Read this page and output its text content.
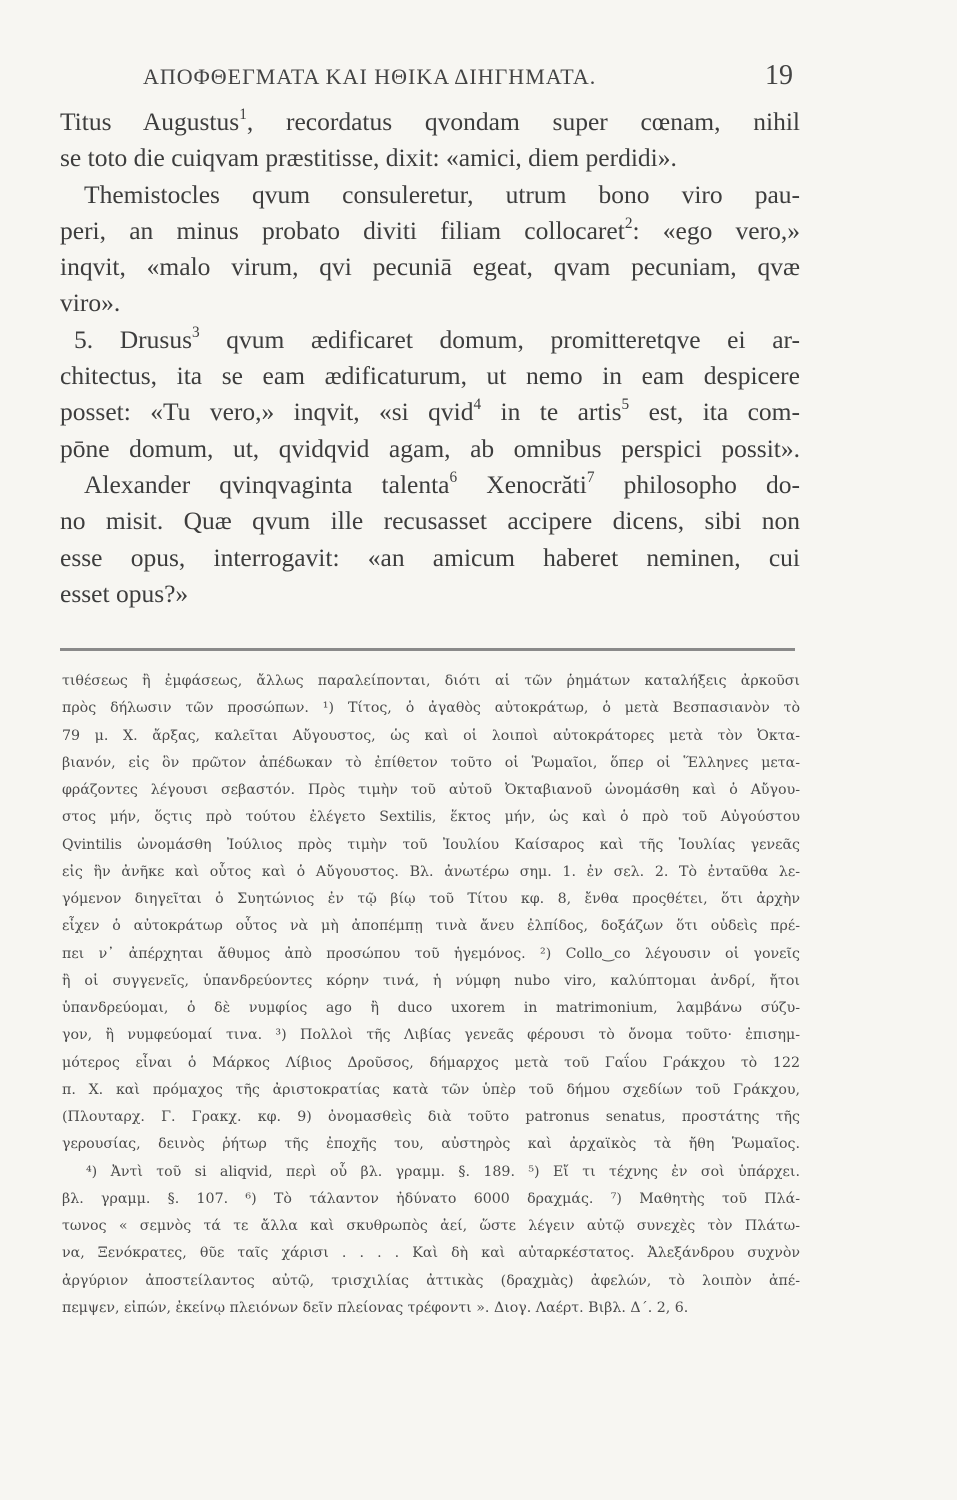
ΑΠΟΦΘΕΓΜΑΤΑ ΚΑΙ ΗΘΙΚΑ ΔΙΗΓΗΜΑΤΑ.	19
Titus Augustus$^1$, recordatus qvondam super cœnam, nihil
se toto die cuiqvam præstitisse, dixit: «amici, diem perdidi».
Themistocles qvum consuleretur, utrum bono viro pau-
peri, an minus probato diviti filiam collocaret$^2$: «ego vero,»
inqvit, «malo virum, qvi pecuniā egeat, qvam pecuniam, qvæ
viro».
5. Drusus$^3$ qvum ædificaret domum, promitteretqve ei ar-
chitectus, ita se eam ædificaturum, ut nemo in eam despicere
posset: «Tu vero,» inqvit, «si qvid$^4$ in te artis$^5$ est, ita com-
pōne domum, ut, qvidqvid agam, ab omnibus perspici possit».
Alexander qvinqvaginta talenta$^6$ Xenocrăti$^7$ philosopho do-
no misit. Quæ qvum ille recusasset accipere dicens, sibi non
esse opus, interrogavit: «an amicum haberet neminen, cui
esset opus?»
τιθέσεως ἢ ἐμφάσεως, ἄλλως παραλείπονται, διότι αἱ τῶν ῥημάτων καταλήξεις ἀρκοῦσι
πρὸς δήλωσιν τῶν προσώπων. ¹) Τίτος, ὁ ἀγαθὸς αὐτοκράτωρ, ὁ μετὰ Βεσπασιανὸν τὸ
79 μ. Χ. ἄρξας, καλεῖται Αὔγουστος, ὡς καὶ οἱ λοιποὶ αὐτοκράτορες μετὰ τὸν Ὀκτα-
βιανόν, εἰς ὃν πρῶτον ἀπέδωκαν τὸ ἐπίθετον τοῦτο οἱ Ῥωμαῖοι, ὅπερ οἱ Ἕλληνες μετα-
φράζοντες λέγουσι σεβαστόν. Πρὸς τιμὴν τοῦ αὐτοῦ Ὀκταβιανοῦ ὠνομάσθη καὶ ὁ Αὔγου-
στος μήν, ὅςτις πρὸ τούτου ἐλέγετο Sextilis, ἕκτος μήν, ὡς καὶ ὁ πρὸ τοῦ Αὐγούστου
Qvintilis ὠνομάσθη Ἰούλιος πρὸς τιμὴν τοῦ Ἰουλίου Καίσαρος καὶ τῆς Ἰουλίας γενεᾶς
εἰς ἣν ἀνῆκε καὶ οὗτος καὶ ὁ Αὔγουστος. Βλ. ἀνωτέρω σημ. 1. ἐν σελ. 2. Τὸ ἐνταῦθα λε-
γόμενον διηγεῖται ὁ Συητώνιος ἐν τῷ βίῳ τοῦ Τίτου κφ. 8, ἔνθα προςθέτει, ὅτι ἀρχὴν
εἶχεν ὁ αὐτοκράτωρ οὗτος νὰ μὴ ἀποπέμπῃ τινὰ ἄνευ ἐλπίδος, δοξάζων ὅτι οὐδεὶς πρέ-
πει ν᾽ ἀπέρχηται ἄθυμος ἀπὸ προσώπου τοῦ ἡγεμόνος. ²) Collo‿co λέγουσιν οἱ γονεῖς
ἢ οἱ συγγενεῖς, ὑπανδρεύοντες κόρην τινά, ἡ νύμφη nubo viro, καλύπτομαι ἀνδρί, ἤτοι
ὑπανδρεύομαι, ὁ δὲ νυμφίος ago ἢ duco uxorem in matrimonium, λαμβάνω σύζυ-
γον, ἢ νυμφεύομαί τινα. ³) Πολλοὶ τῆς Λιβίας γενεᾶς φέρουσι τὸ ὄνομα τοῦτο· ἐπισημ-
μότερος εἶναι ὁ Μάρκος Λίβιος Δροῦσος, δήμαρχος μετὰ τοῦ Γαΐου Γράκχου τὸ 122
π. Χ. καὶ πρόμαχος τῆς ἀριστοκρατίας κατὰ τῶν ὑπὲρ τοῦ δήμου σχεδίων τοῦ Γράκχου,
(Πλουταρχ. Γ. Γρακχ. κφ. 9) ὀνομασθεὶς διὰ τοῦτο patronus senatus, προστάτης τῆς
γερουσίας, δεινὸς ῥήτωρ τῆς ἐποχῆς του, αὐστηρὸς καὶ ἀρχαϊκὸς τὰ ἤθη Ῥωμαῖος.
⁴) Ἀντὶ τοῦ si aliqvid, περὶ οὗ βλ. γραμμ. §. 189. ⁵) Εἴ τι τέχνης ἐν σοὶ ὑπάρχει.
βλ. γραμμ. §. 107. ⁶) Τὸ τάλαντον ἠδύνατο 6000 δραχμάς. ⁷) Μαθητὴς τοῦ Πλά-
τωνος « σεμνὸς τά τε ἄλλα καὶ σκυθρωπὸς ἀεί, ὥστε λέγειν αὐτῷ συνεχὲς τὸν Πλάτω-
να, Ξενόκρατες, θῦε ταῖς χάρισι . . . . Καὶ δὴ καὶ αὐταρκέστατος. Ἀλεξάνδρου συχνὸν
ἀργύριον ἀποστείλαντος αὐτῷ, τρισχιλίας ἀττικὰς (δραχμὰς) ἀφελών, τὸ λοιπὸν ἀπέ-
πεμψεν, εἰπών, ἐκείνῳ πλειόνων δεῖν πλείονας τρέφοντι ». Διογ. Λαέρτ. Βιβλ. Δ΄. 2, 6.
